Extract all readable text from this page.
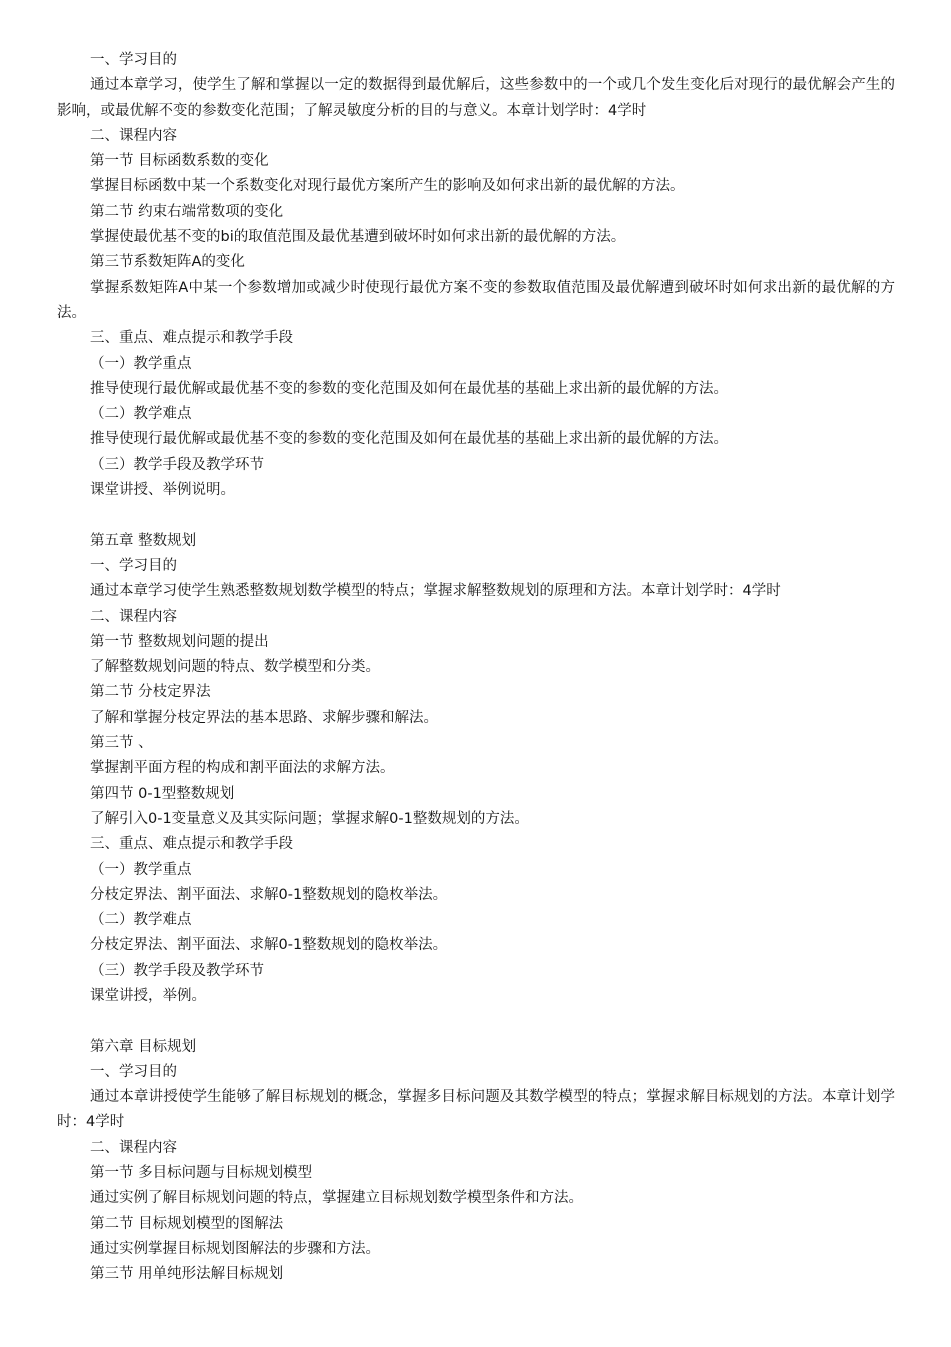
一、学习目的
通过本章学习，使学生了解和掌握以一定的数据得到最优解后，这些参数中的一个或几个发生变化后对现行的最优解会产生的影响，或最优解不变的参数变化范围；了解灵敏度分析的目的与意义。本章计划学时：4学时
二、课程内容
第一节 目标函数系数的变化
掌握目标函数中某一个系数变化对现行最优方案所产生的影响及如何求出新的最优解的方法。
第二节 约束右端常数项的变化
掌握使最优基不变的bi的取值范围及最优基遭到破坏时如何求出新的最优解的方法。
第三节系数矩阵A的变化
掌握系数矩阵A中某一个参数增加或减少时使现行最优方案不变的参数取值范围及最优解遭到破坏时如何求出新的最优解的方法。
三、重点、难点提示和教学手段
（一）教学重点
推导使现行最优解或最优基不变的参数的变化范围及如何在最优基的基础上求出新的最优解的方法。
（二）教学难点
推导使现行最优解或最优基不变的参数的变化范围及如何在最优基的基础上求出新的最优解的方法。
（三）教学手段及教学环节
课堂讲授、举例说明。
第五章 整数规划
一、学习目的
通过本章学习使学生熟悉整数规划数学模型的特点；掌握求解整数规划的原理和方法。本章计划学时：4学时
二、课程内容
第一节 整数规划问题的提出
了解整数规划问题的特点、数学模型和分类。
第二节 分枝定界法
了解和掌握分枝定界法的基本思路、求解步骤和解法。
第三节 、
掌握割平面方程的构成和割平面法的求解方法。
第四节 0-1型整数规划
了解引入0-1变量意义及其实际问题；掌握求解0-1整数规划的方法。
三、重点、难点提示和教学手段
（一）教学重点
分枝定界法、割平面法、求解0-1整数规划的隐枚举法。
（二）教学难点
分枝定界法、割平面法、求解0-1整数规划的隐枚举法。
（三）教学手段及教学环节
课堂讲授，举例。
第六章 目标规划
一、学习目的
通过本章讲授使学生能够了解目标规划的概念，掌握多目标问题及其数学模型的特点；掌握求解目标规划的方法。本章计划学时：4学时
二、课程内容
第一节 多目标问题与目标规划模型
通过实例了解目标规划问题的特点，掌握建立目标规划数学模型条件和方法。
第二节 目标规划模型的图解法
通过实例掌握目标规划图解法的步骤和方法。
第三节 用单纯形法解目标规划
